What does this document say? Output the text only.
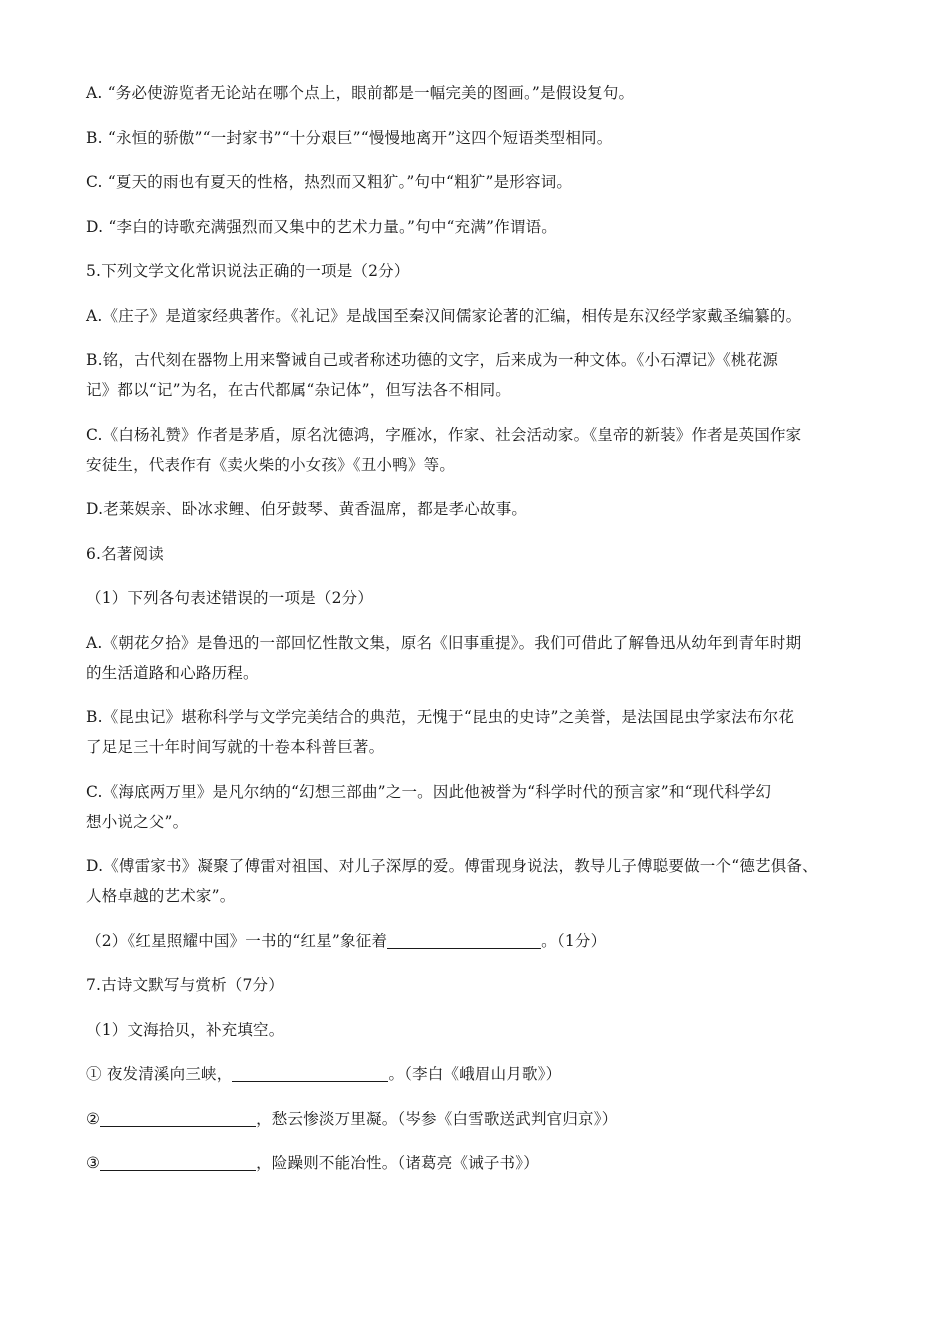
A. “务必使游览者无论站在哪个点上，眼前都是一幅完美的图画。”是假设复句。
B. “永恒的骄傲”“一封家书”“十分艰巨”“慢慢地离开”这四个短语类型相同。
C. “夏天的雨也有夏天的性格，热烈而又粗犷。”句中“粗犷”是形容词。
D. “李白的诗歌充满强烈而又集中的艺术力量。”句中“充满”作谓语。
5.下列文学文化常识说法正确的一项是（2分）
A.《庄子》是道家经典著作。《礼记》是战国至秦汉间儒家论著的汇编，相传是东汉经学家戴圣编纂的。
B.铭，古代刻在器物上用来警诫自己或者称述功德的文字，后来成为一种文体。《小石潭记》《桃花源
记》都以“记”为名，在古代都属“杂记体”，但写法各不相同。
C.《白杨礼赞》作者是茅盾，原名沈德鸿，字雁冰，作家、社会活动家。《皇帝的新装》作者是英国作家
安徒生，代表作有《卖火柴的小女孩》《丑小鸭》等。
D.老莱娱亲、卧冰求鲤、伯牙鼓琴、黄香温席，都是孝心故事。
6.名著阅读
（1）下列各句表述错误的一项是（2分）
A.《朝花夕拾》是鲁迅的一部回忆性散文集，原名《旧事重提》。我们可借此了解鲁迅从幼年到青年时期
的生活道路和心路历程。
B.《昆虫记》堪称科学与文学完美结合的典范，无愧于“昆虫的史诗”之美誉，是法国昆虫学家法布尔花
了足足三十年时间写就的十卷本科普巨著。
C.《海底两万里》是凡尔纳的“幻想三部曲”之一。因此他被誉为“科学时代的预言家”和“现代科学幻
想小说之父”。
D.《傅雷家书》凝聚了傅雷对祖国、对儿子深厚的爱。傅雷现身说法，教导儿子傅聪要做一个“德艺俱备、
人格卓越的艺术家”。
（2）《红星照耀中国》一书的“红星”象征着	。（1分）
7.古诗文默写与赏析（7分）
（1）文海拾贝，补充填空。
① 夜发清溪向三峡，	。（李白《峨眉山月歌》）
②	，愁云惨淡万里凝。（岑参《白雪歌送武判官归京》）
③	，险躁则不能冶性。（诸葛亮《诫子书》）
